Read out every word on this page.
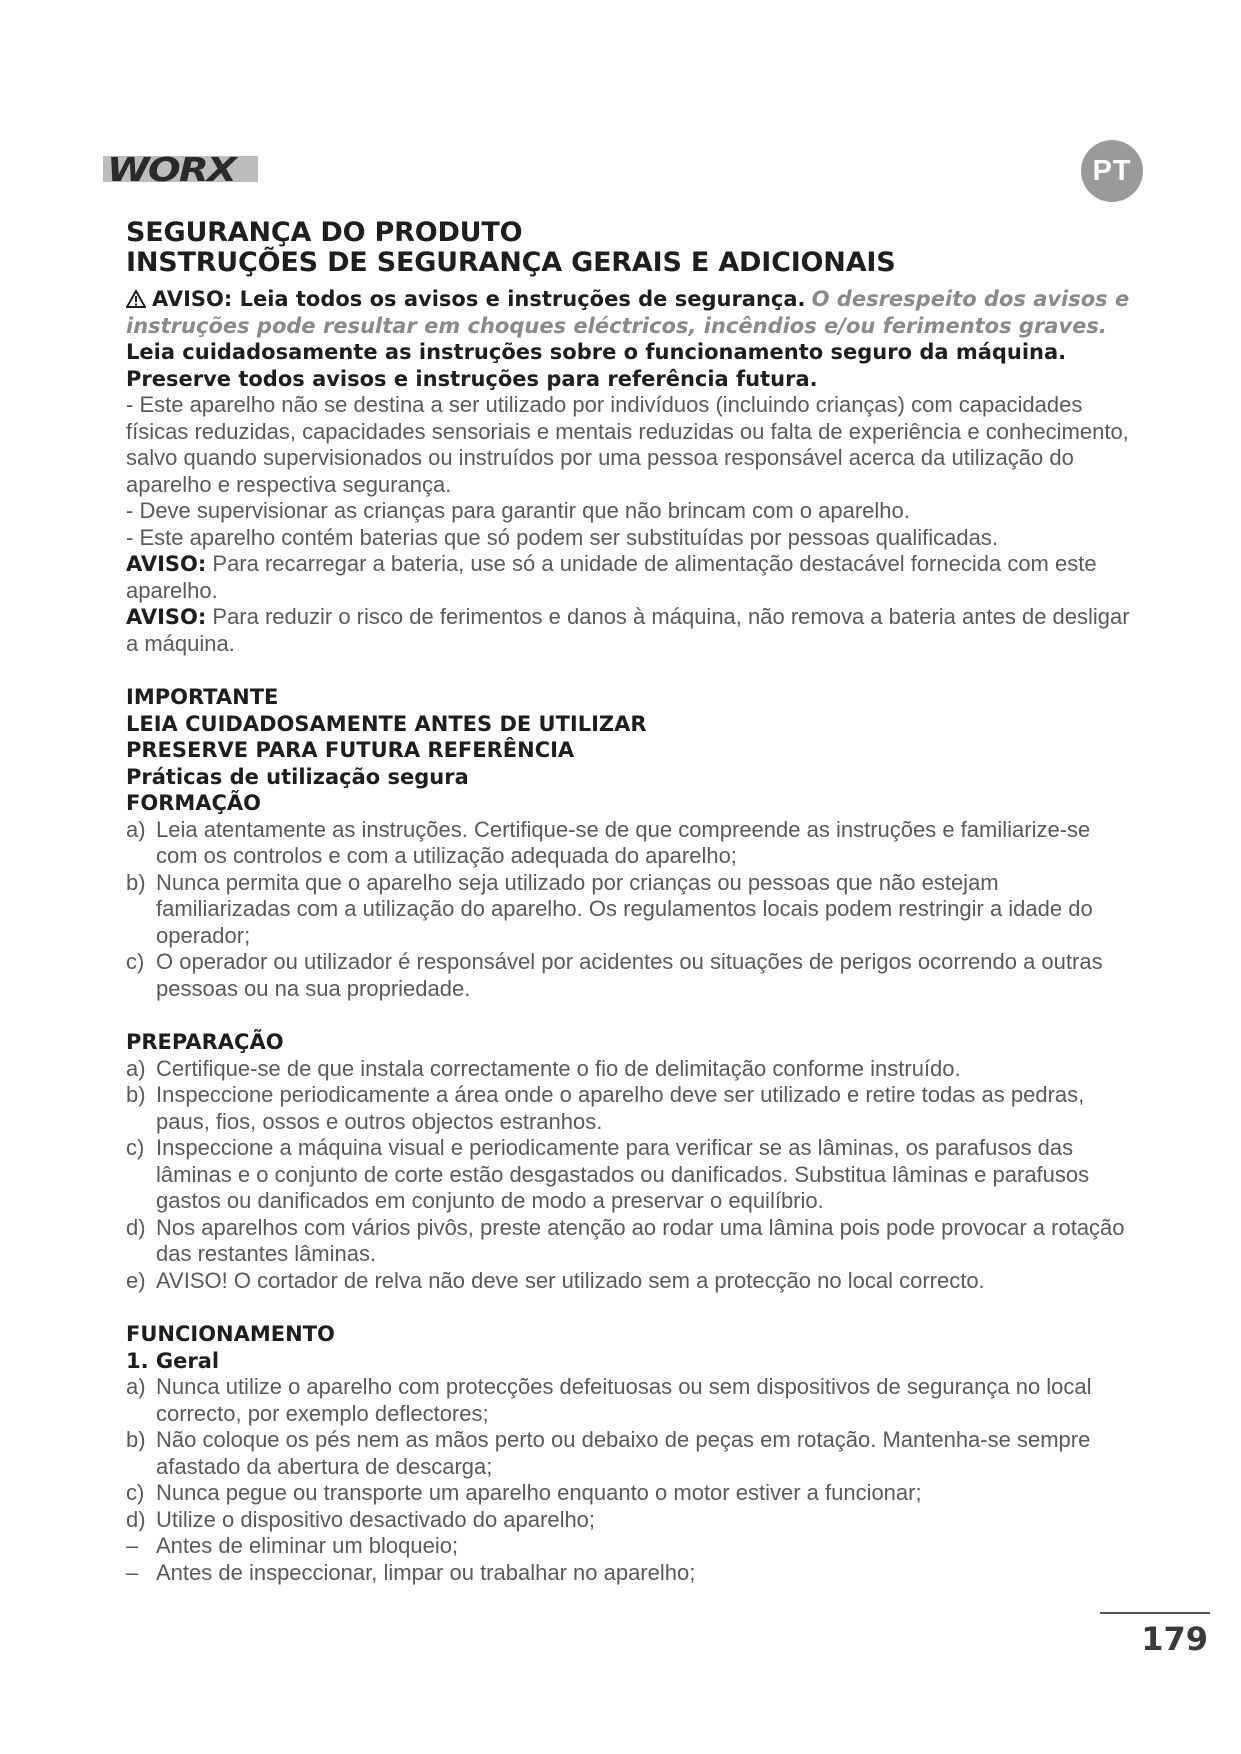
WORX	PT

SEGURANÇA DO PRODUTO

INSTRUÇÕES DE SEGURANÇA GERAIS E ADICIONAIS

AVISO: Leia todos os avisos e instruções de segurança. O desrespeito dos avisos e instruções pode resultar em choques eléctricos, incêndios e/ou ferimentos graves.

Leia cuidadosamente as instruções sobre o funcionamento seguro da máquina.

Preserve todos avisos e instruções para referência futura.

- Este aparelho não se destina a ser utilizado por indivíduos (incluindo crianças) com capacidades físicas reduzidas, capacidades sensoriais e mentais reduzidas ou falta de experiência e conhecimento, salvo quando supervisionados ou instruídos por uma pessoa responsável acerca da utilização do aparelho e respectiva segurança.

- Deve supervisionar as crianças para garantir que não brincam com o aparelho.

- Este aparelho contém baterias que só podem ser substituídas por pessoas qualificadas.

AVISO: Para recarregar a bateria, use só a unidade de alimentação destacável fornecida com este aparelho.

AVISO: Para reduzir o risco de ferimentos e danos à máquina, não remova a bateria antes de desligar a máquina.

IMPORTANTE

LEIA CUIDADOSAMENTE ANTES DE UTILIZAR

PRESERVE PARA FUTURA REFERÊNCIA

Práticas de utilização segura

FORMAÇÃO

a) Leia atentamente as instruções. Certifique-se de que compreende as instruções e familiarize-se com os controlos e com a utilização adequada do aparelho;
b) Nunca permita que o aparelho seja utilizado por crianças ou pessoas que não estejam familiarizadas com a utilização do aparelho. Os regulamentos locais podem restringir a idade do operador;
c) O operador ou utilizador é responsável por acidentes ou situações de perigos ocorrendo a outras pessoas ou na sua propriedade.

PREPARAÇÃO

a) Certifique-se de que instala correctamente o fio de delimitação conforme instruído.
b) Inspeccione periodicamente a área onde o aparelho deve ser utilizado e retire todas as pedras, paus, fios, ossos e outros objectos estranhos.
c) Inspeccione a máquina visual e periodicamente para verificar se as lâminas, os parafusos das lâminas e o conjunto de corte estão desgastados ou danificados. Substitua lâminas e parafusos gastos ou danificados em conjunto de modo a preservar o equilíbrio.
d) Nos aparelhos com vários pivôs, preste atenção ao rodar uma lâmina pois pode provocar a rotação das restantes lâminas.
e) AVISO! O cortador de relva não deve ser utilizado sem a protecção no local correcto.

FUNCIONAMENTO

1. Geral

a) Nunca utilize o aparelho com protecções defeituosas ou sem dispositivos de segurança no local correcto, por exemplo deflectores;
b) Não coloque os pés nem as mãos perto ou debaixo de peças em rotação. Mantenha-se sempre afastado da abertura de descarga;
c) Nunca pegue ou transporte um aparelho enquanto o motor estiver a funcionar;
d) Utilize o dispositivo desactivado do aparelho;
– Antes de eliminar um bloqueio;
– Antes de inspeccionar, limpar ou trabalhar no aparelho;
179
